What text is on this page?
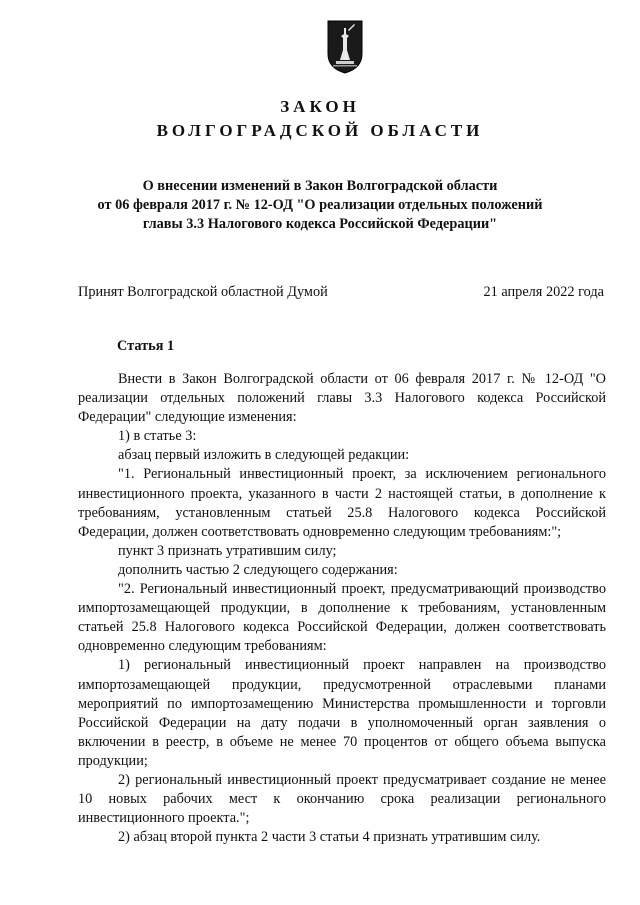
ЗАКОН
ВОЛГОГРАДСКОЙ ОБЛАСТИ
О внесении изменений в Закон Волгоградской области
от 06 февраля 2017 г. № 12-ОД "О реализации отдельных положений
главы 3.3 Налогового кодекса Российской Федерации"
Принят Волгоградской областной Думой	21 апреля 2022 года
Статья 1

Внести в Закон Волгоградской области от 06 февраля 2017 г. № 12-ОД "О реализации отдельных положений главы 3.3 Налогового кодекса Российской Федерации" следующие изменения:

1) в статье 3:

абзац первый изложить в следующей редакции:

"1. Региональный инвестиционный проект, за исключением регионального инвестиционного проекта, указанного в части 2 настоящей статьи, в дополнение к требованиям, установленным статьей 25.8 Налогового кодекса Российской Федерации, должен соответствовать одновременно следующим требованиям:";

пункт 3 признать утратившим силу;

дополнить частью 2 следующего содержания:

"2. Региональный инвестиционный проект, предусматривающий производство импортозамещающей продукции, в дополнение к требованиям, установленным статьей 25.8 Налогового кодекса Российской Федерации, должен соответствовать одновременно следующим требованиям:

1) региональный инвестиционный проект направлен на производство импортозамещающей продукции, предусмотренной отраслевыми планами мероприятий по импортозамещению Министерства промышленности и торговли Российской Федерации на дату подачи в уполномоченный орган заявления о включении в реестр, в объеме не менее 70 процентов от общего объема выпуска продукции;

2) региональный инвестиционный проект предусматривает создание не менее 10 новых рабочих мест к окончанию срока реализации регионального инвестиционного проекта.";

2) абзац второй пункта 2 части 3 статьи 4 признать утратившим силу.
